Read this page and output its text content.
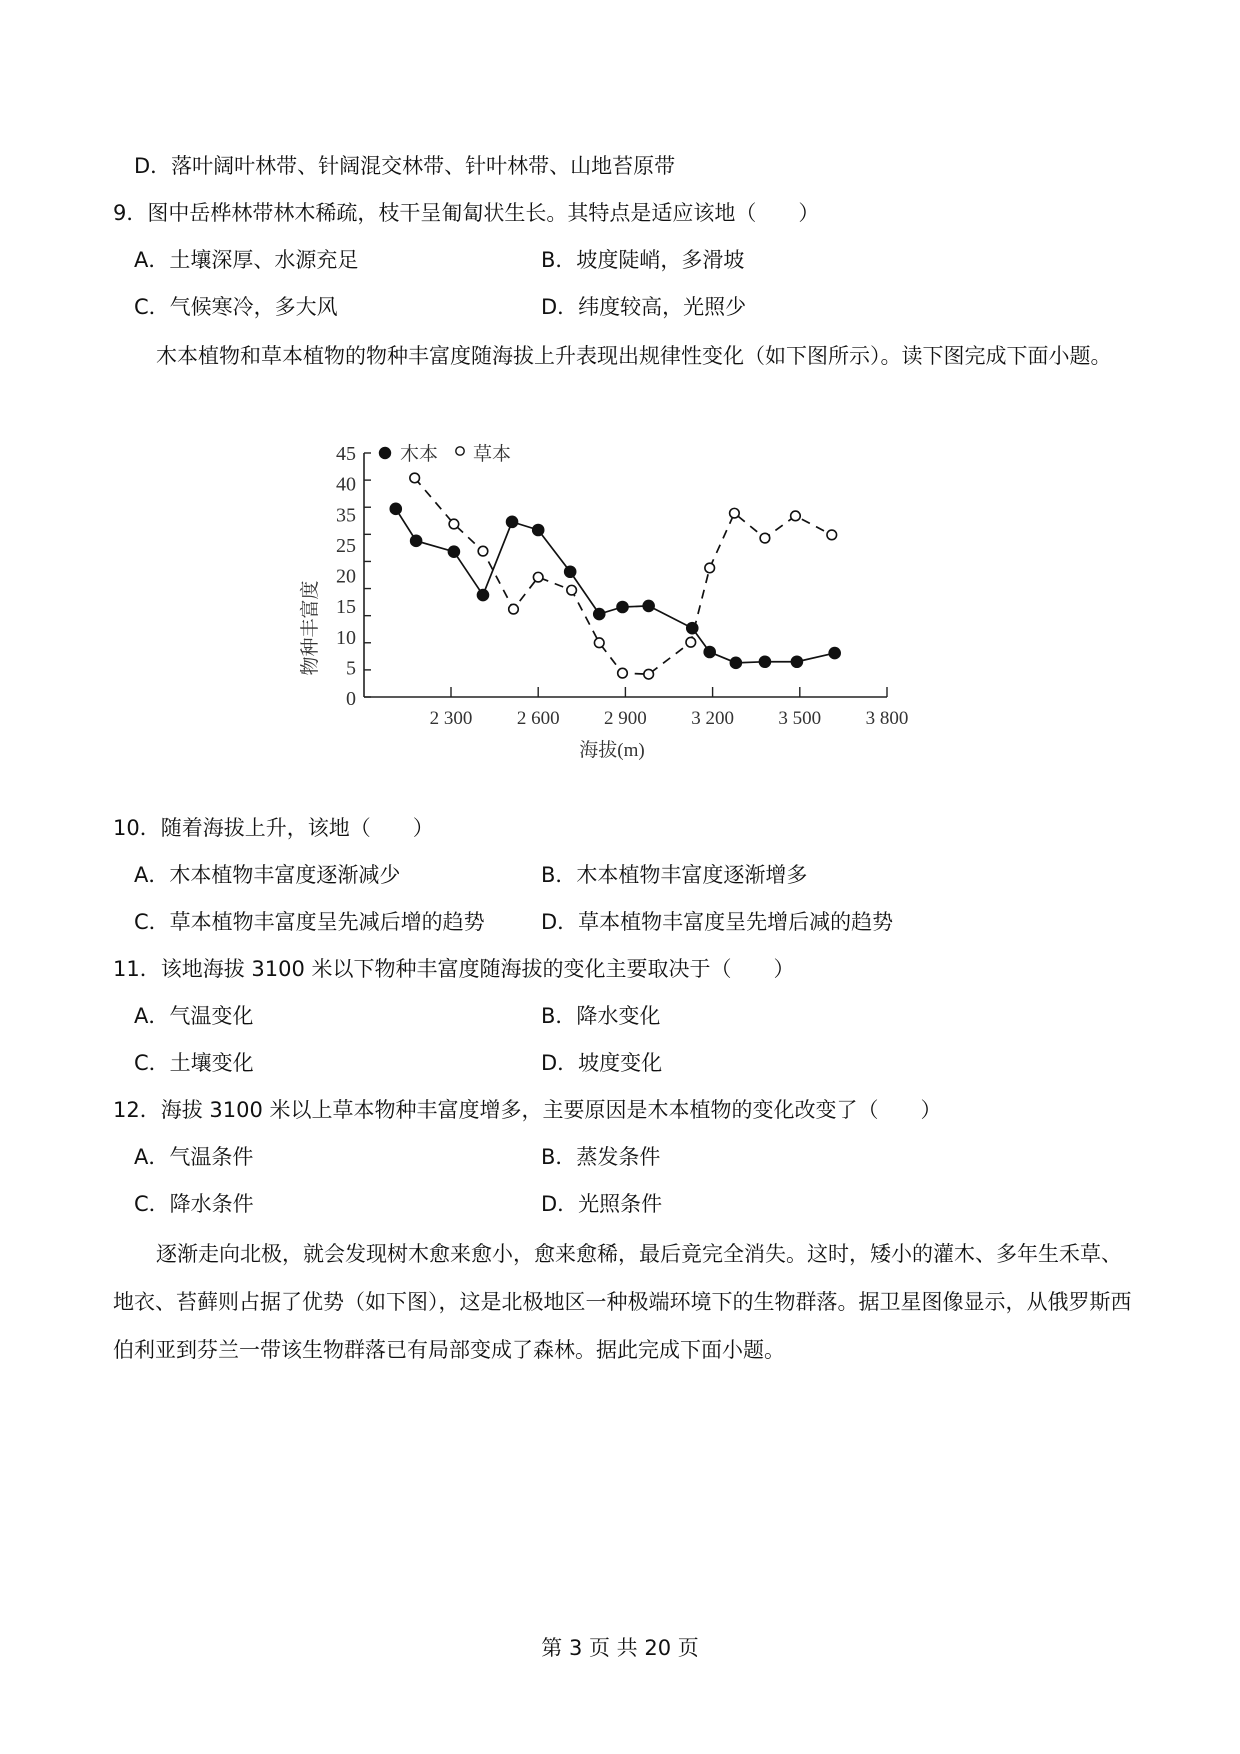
D．落叶阔叶林带、针阔混交林带、针叶林带、山地苔原带
9．图中岳桦林带林木稀疏，枝干呈匍匐状生长。其特点是适应该地（　　）
A．土壤深厚、水源充足	B．坡度陡峭，多滑坡
C．气候寒冷，多大风	D．纬度较高，光照少
木本植物和草本植物的物种丰富度随海拔上升表现出规律性变化（如下图所示）。读下图完成下面小题。
0
5
10
15
20
25
35
40
45
2 300 2 600 2 900 3 200 3 500 3 800
木本 草本
海拔(m)
物种丰富度
10．随着海拔上升，该地（　　）
A．木本植物丰富度逐渐减少	B．木本植物丰富度逐渐增多
C．草本植物丰富度呈先减后增的趋势	D．草本植物丰富度呈先增后减的趋势
11．该地海拔 3100 米以下物种丰富度随海拔的变化主要取决于（　　）
A．气温变化	B．降水变化
C．土壤变化	D．坡度变化
12．海拔 3100 米以上草本物种丰富度增多，主要原因是木本植物的变化改变了（　　）
A．气温条件	B．蒸发条件
C．降水条件	D．光照条件
逐渐走向北极，就会发现树木愈来愈小，愈来愈稀，最后竟完全消失。这时，矮小的灌木、多年生禾草、地衣、苔藓则占据了优势（如下图），这是北极地区一种极端环境下的生物群落。据卫星图像显示，从俄罗斯西伯利亚到芬兰一带该生物群落已有局部变成了森林。据此完成下面小题。
第 3 页 共 20 页
